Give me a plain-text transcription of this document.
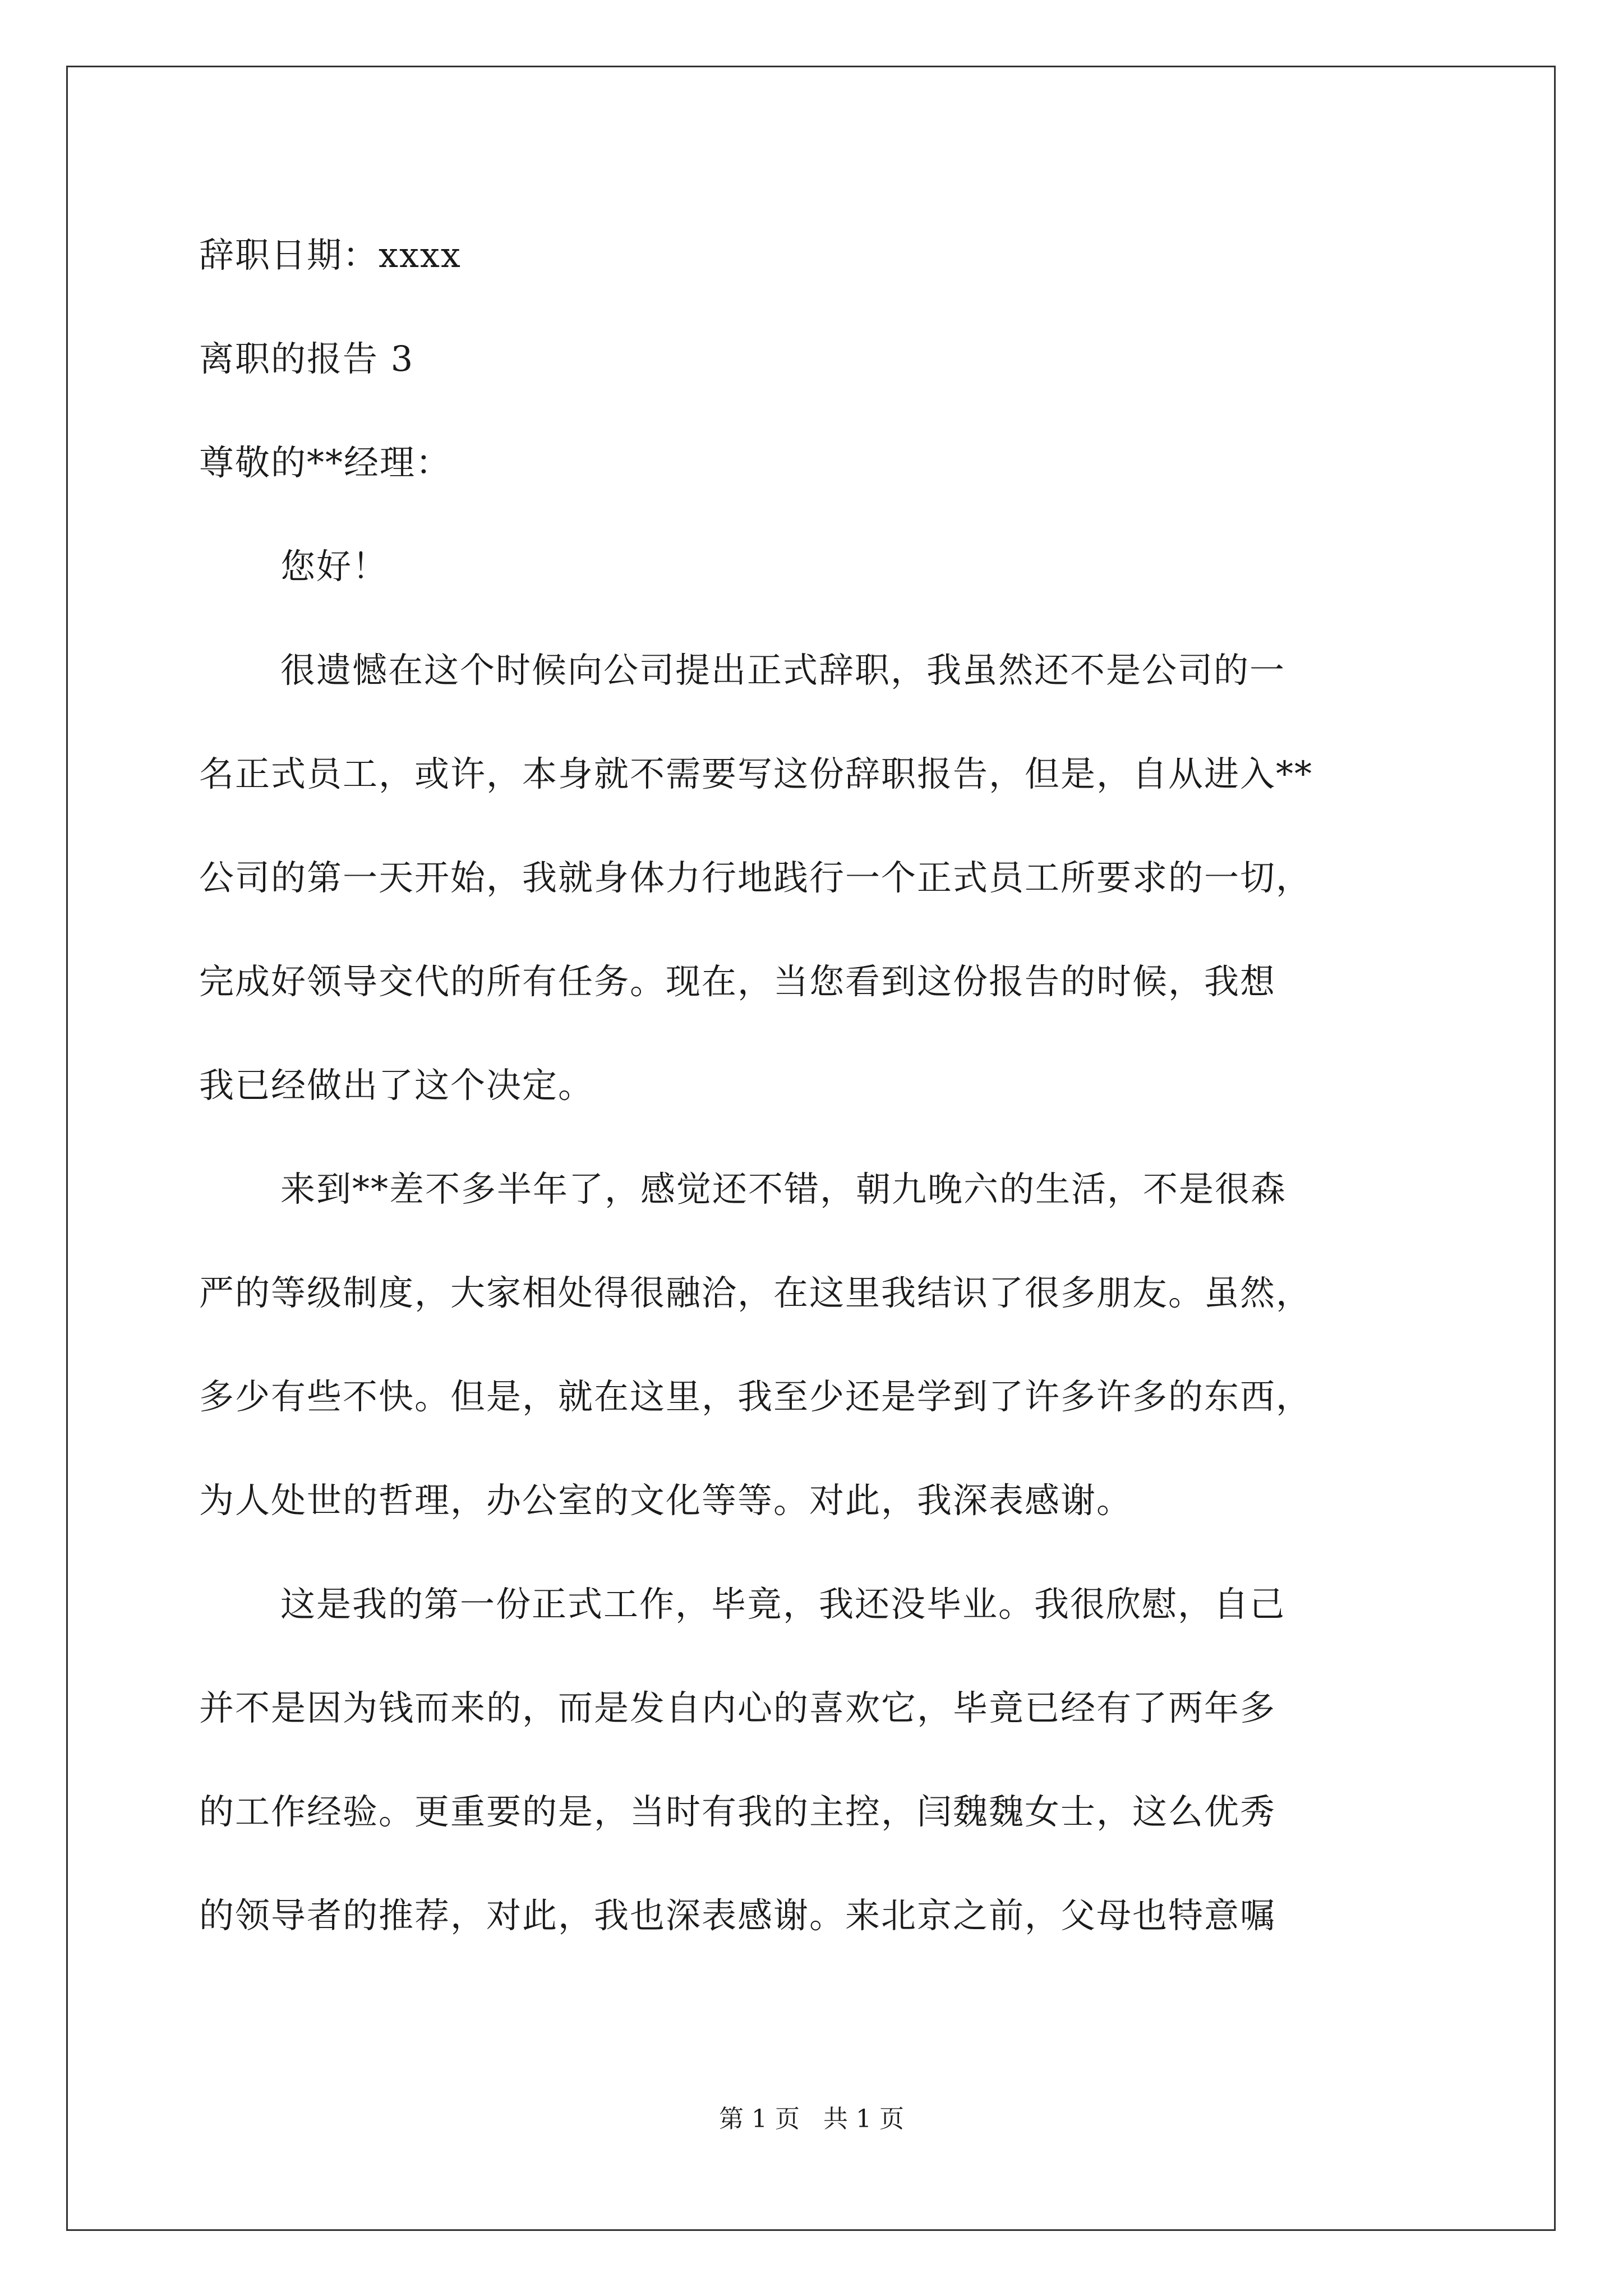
辞职日期：xxxx
离职的报告 3
尊敬的**经理：
您好！
很遗憾在这个时候向公司提出正式辞职，我虽然还不是公司的一
名正式员工，或许，本身就不需要写这份辞职报告，但是，自从进入**
公司的第一天开始，我就身体力行地践行一个正式员工所要求的一切，
完成好领导交代的所有任务。现在，当您看到这份报告的时候，我想
我已经做出了这个决定。
来到**差不多半年了，感觉还不错，朝九晚六的生活，不是很森
严的等级制度，大家相处得很融洽，在这里我结识了很多朋友。虽然，
多少有些不快。但是，就在这里，我至少还是学到了许多许多的东西，
为人处世的哲理，办公室的文化等等。对此，我深表感谢。
这是我的第一份正式工作，毕竟，我还没毕业。我很欣慰，自己
并不是因为钱而来的，而是发自内心的喜欢它，毕竟已经有了两年多
的工作经验。更重要的是，当时有我的主控，闫魏魏女士，这么优秀
的领导者的推荐，对此，我也深表感谢。来北京之前，父母也特意嘱
第 1 页   共 1 页
